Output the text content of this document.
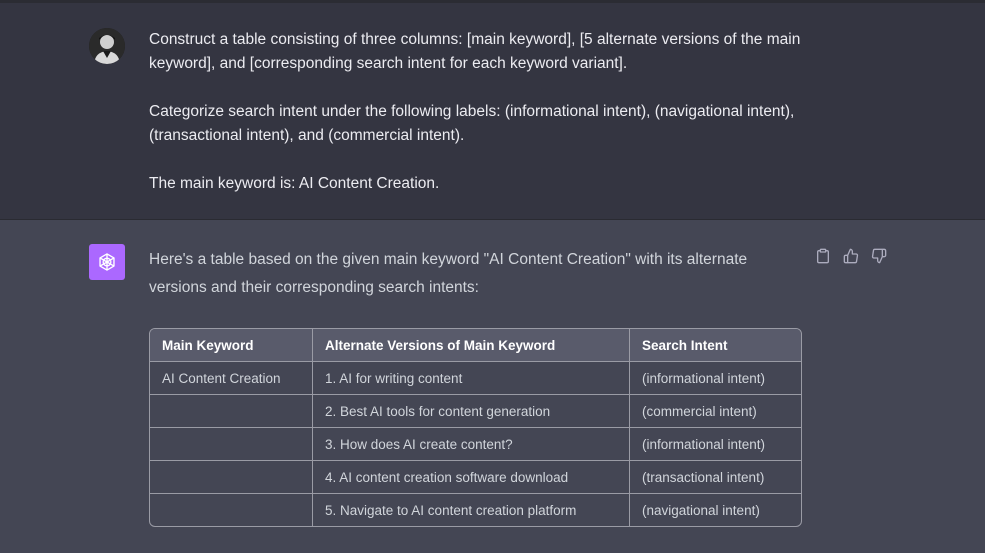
Construct a table consisting of three columns: [main keyword], [5 alternate versions of the main keyword], and [corresponding search intent for each keyword variant].

Categorize search intent under the following labels: (informational intent), (navigational intent), (transactional intent), and (commercial intent).

The main keyword is: AI Content Creation.

Here's a table based on the given main keyword "AI Content Creation" with its alternate versions and their corresponding search intents:

Main Keyword	Alternate Versions of Main Keyword	Search Intent
AI Content Creation	1. AI for writing content	(informational intent)
	2. Best AI tools for content generation	(commercial intent)
	3. How does AI create content?	(informational intent)
	4. AI content creation software download	(transactional intent)
	5. Navigate to AI content creation platform	(navigational intent)
